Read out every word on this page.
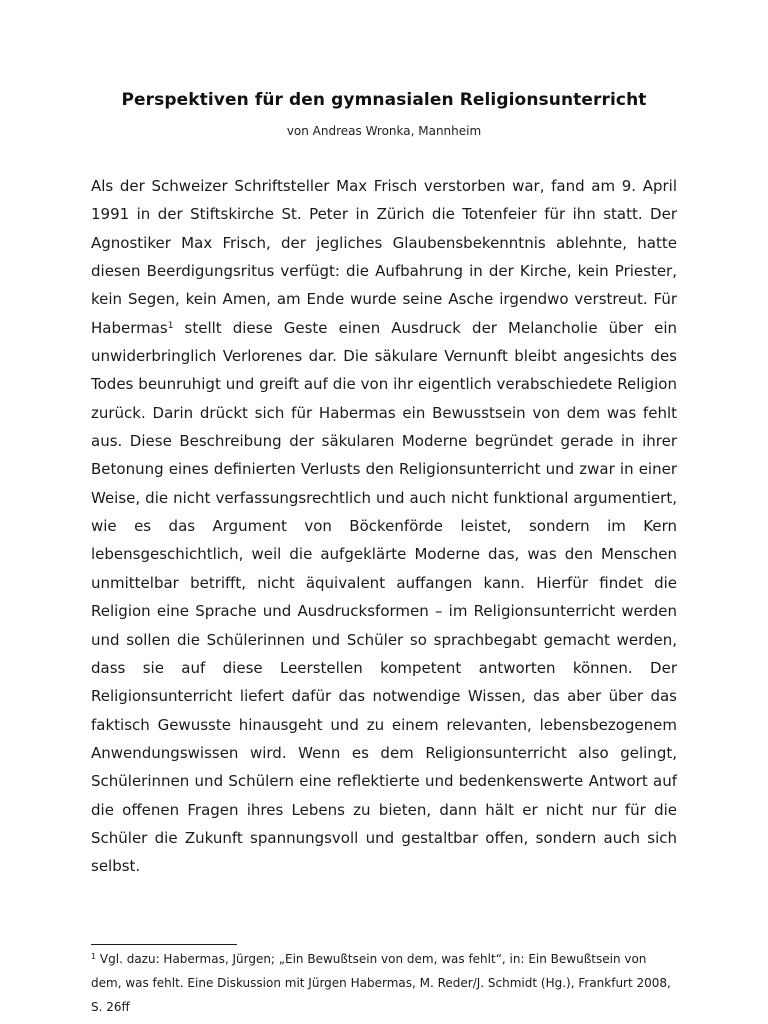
Perspektiven für den gymnasialen Religionsunterricht

von Andreas Wronka, Mannheim

Als der Schweizer Schriftsteller Max Frisch verstorben war, fand am 9. April 1991 in der Stiftskirche St. Peter in Zürich die Totenfeier für ihn statt. Der Agnostiker Max Frisch, der jegliches Glaubensbekenntnis ablehnte, hatte diesen Beerdigungsritus verfügt: die Aufbahrung in der Kirche, kein Priester, kein Segen, kein Amen, am Ende wurde seine Asche irgendwo verstreut. Für Habermas$^1$ stellt diese Geste einen Ausdruck der Melancholie über ein unwiderbringlich Verlorenes dar. Die säkulare Vernunft bleibt angesichts des Todes beunruhigt und greift auf die von ihr eigentlich verabschiedete Religion zurück. Darin drückt sich für Habermas ein Bewusstsein von dem was fehlt aus. Diese Beschreibung der säkularen Moderne begründet gerade in ihrer Betonung eines definierten Verlusts den Religionsunterricht und zwar in einer Weise, die nicht verfassungsrechtlich und auch nicht funktional argumentiert, wie es das Argument von Böckenförde leistet, sondern im Kern lebensgeschichtlich, weil die aufgeklärte Moderne das, was den Menschen unmittelbar betrifft, nicht äquivalent auffangen kann. Hierfür findet die Religion eine Sprache und Ausdrucksformen – im Religionsunterricht werden und sollen die Schülerinnen und Schüler so sprachbegabt gemacht werden, dass sie auf diese Leerstellen kompetent antworten können. Der Religionsunterricht liefert dafür das notwendige Wissen, das aber über das faktisch Gewusste hinausgeht und zu einem relevanten, lebensbezogenem Anwendungswissen wird. Wenn es dem Religionsunterricht also gelingt, Schülerinnen und Schülern eine reflektierte und bedenkenswerte Antwort auf die offenen Fragen ihres Lebens zu bieten, dann hält er nicht nur für die Schüler die Zukunft spannungsvoll und gestaltbar offen, sondern auch sich selbst.

$^1$ Vgl. dazu: Habermas, Jürgen; „Ein Bewußtsein von dem, was fehlt“, in: Ein Bewußtsein von dem, was fehlt. Eine Diskussion mit Jürgen Habermas, M. Reder/J. Schmidt (Hg.), Frankfurt 2008, S. 26ff
